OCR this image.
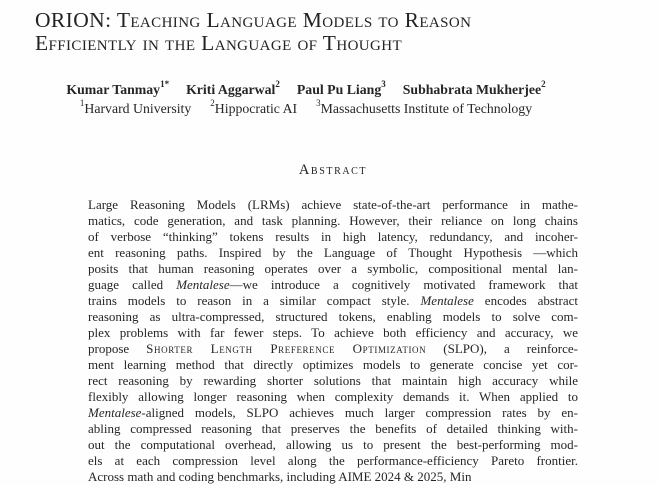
ORION: Teaching Language Models to Reason
Efficiently in the Language of Thought
Kumar Tanmay$^{1*}$ Kriti Aggarwal$^2$ Paul Pu Liang$^3$ Subhabrata Mukherjee$^2$
$^1$Harvard University $^2$Hippocratic AI $^3$Massachusetts Institute of Technology
Abstract
Large Reasoning Models (LRMs) achieve state-of-the-art performance in mathe-
matics, code generation, and task planning. However, their reliance on long chains
of verbose “thinking” tokens results in high latency, redundancy, and incoher-
ent reasoning paths. Inspired by the Language of Thought Hypothesis —which
posits that human reasoning operates over a symbolic, compositional mental lan-
guage called Mentalese—we introduce a cognitively motivated framework that
trains models to reason in a similar compact style. Mentalese encodes abstract
reasoning as ultra-compressed, structured tokens, enabling models to solve com-
plex problems with far fewer steps. To achieve both efficiency and accuracy, we
propose Shorter Length Preference Optimization (SLPO), a reinforce-
ment learning method that directly optimizes models to generate concise yet cor-
rect reasoning by rewarding shorter solutions that maintain high accuracy while
flexibly allowing longer reasoning when complexity demands it. When applied to
Mentalese-aligned models, SLPO achieves much larger compression rates by en-
abling compressed reasoning that preserves the benefits of detailed thinking with-
out the computational overhead, allowing us to present the best-performing mod-
els at each compression level along the performance-efficiency Pareto frontier.
Across math and coding benchmarks, including AIME 2024 & 2025, Min
